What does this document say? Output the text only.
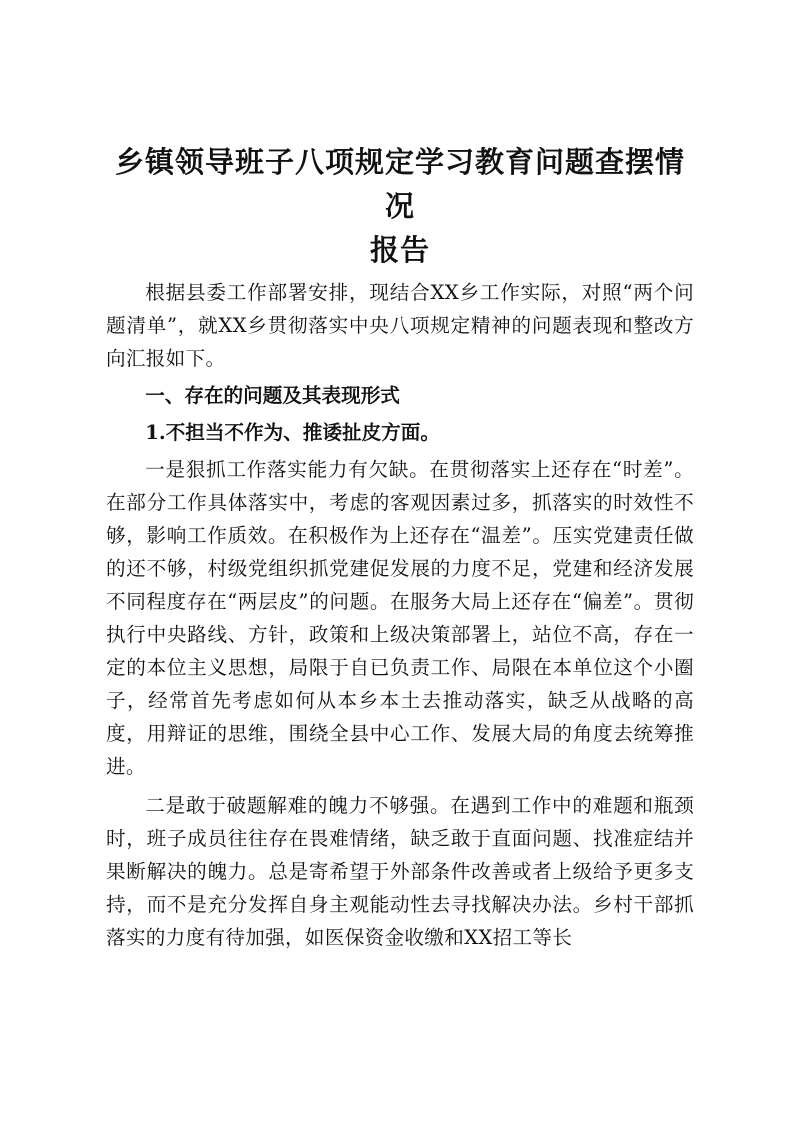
乡镇领导班子八项规定学习教育问题查摆情况

报告

根据县委工作部署安排，现结合XX乡工作实际，对照“两个问题清单”，就XX乡贯彻落实中央八项规定精神的问题表现和整改方向汇报如下。

一、存在的问题及其表现形式

1.不担当不作为、推诿扯皮方面。

一是狠抓工作落实能力有欠缺。在贯彻落实上还存在“时差”。在部分工作具体落实中，考虑的客观因素过多，抓落实的时效性不够，影响工作质效。在积极作为上还存在“温差”。压实党建责任做的还不够，村级党组织抓党建促发展的力度不足，党建和经济发展不同程度存在“两层皮”的问题。在服务大局上还存在“偏差”。贯彻执行中央路线、方针，政策和上级决策部署上，站位不高，存在一定的本位主义思想，局限于自已负责工作、局限在本单位这个小圈子，经常首先考虑如何从本乡本土去推动落实，缺乏从战略的高度，用辩证的思维，围绕全县中心工作、发展大局的角度去统筹推进。

二是敢于破题解难的魄力不够强。在遇到工作中的难题和瓶颈时，班子成员往往存在畏难情绪，缺乏敢于直面问题、找准症结并果断解决的魄力。总是寄希望于外部条件改善或者上级给予更多支持，而不是充分发挥自身主观能动性去寻找解决办法。乡村干部抓落实的力度有待加强，如医保资金收缴和XX招工等长
